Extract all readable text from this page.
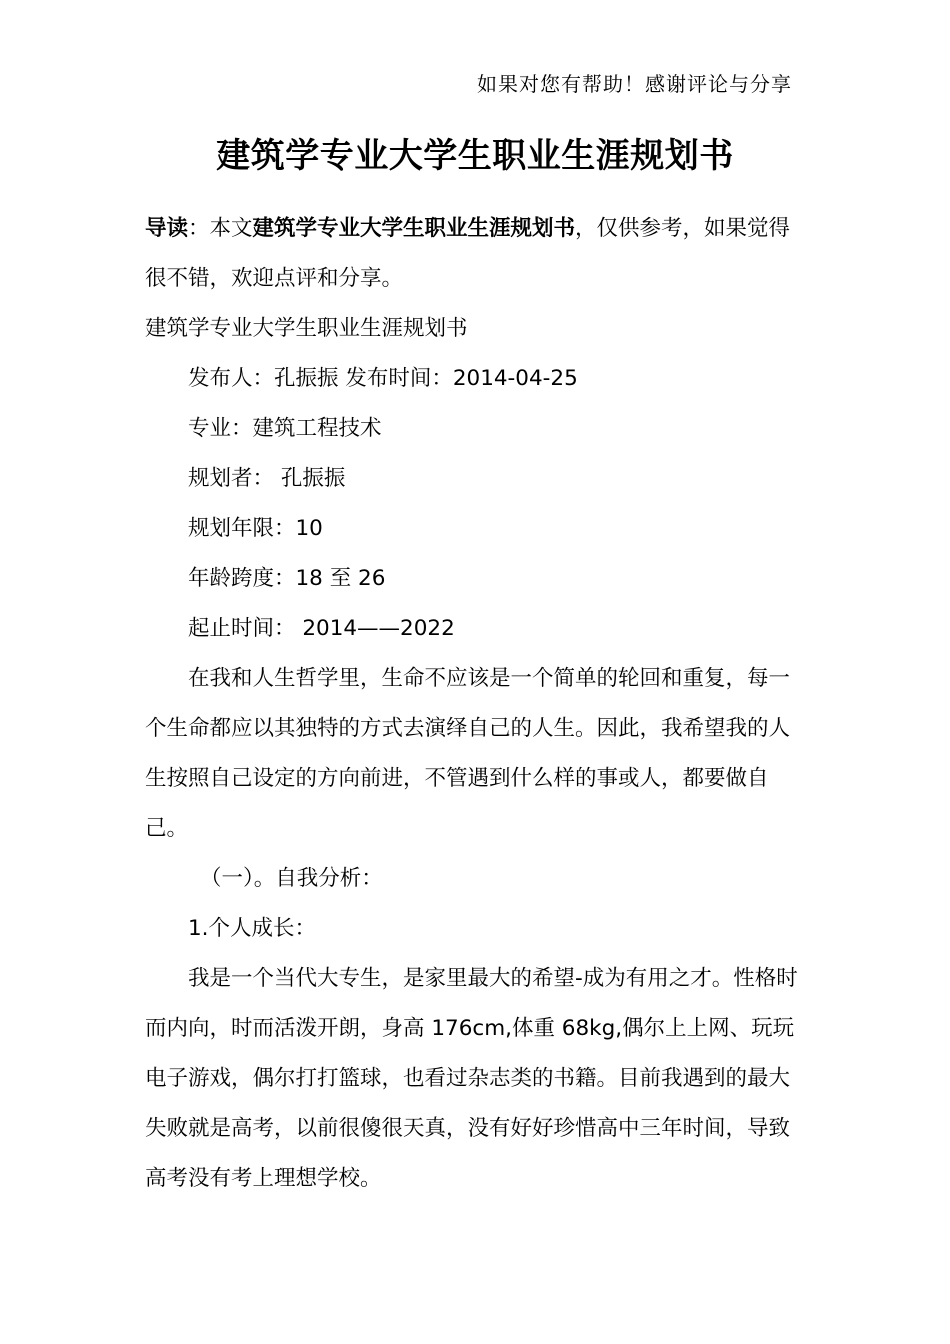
如果对您有帮助！感谢评论与分享
建筑学专业大学生职业生涯规划书

导读：本文建筑学专业大学生职业生涯规划书，仅供参考，如果觉得很不错，欢迎点评和分享。

建筑学专业大学生职业生涯规划书

发布人：孔振振 发布时间：2014-04-25

专业：建筑工程技术

规划者： 孔振振

规划年限：10

年龄跨度：18 至 26

起止时间： 2014——2022

在我和人生哲学里，生命不应该是一个简单的轮回和重复，每一个生命都应以其独特的方式去演绎自己的人生。因此，我希望我的人生按照自己设定的方向前进，不管遇到什么样的事或人，都要做自己。

（一）。自我分析：

1.个人成长：

我是一个当代大专生，是家里最大的希望-成为有用之才。性格时而内向，时而活泼开朗，身高 176cm,体重 68kg,偶尔上上网、玩玩电子游戏，偶尔打打篮球，也看过杂志类的书籍。目前我遇到的最大失败就是高考，以前很傻很天真，没有好好珍惜高中三年时间，导致高考没有考上理想学校。
